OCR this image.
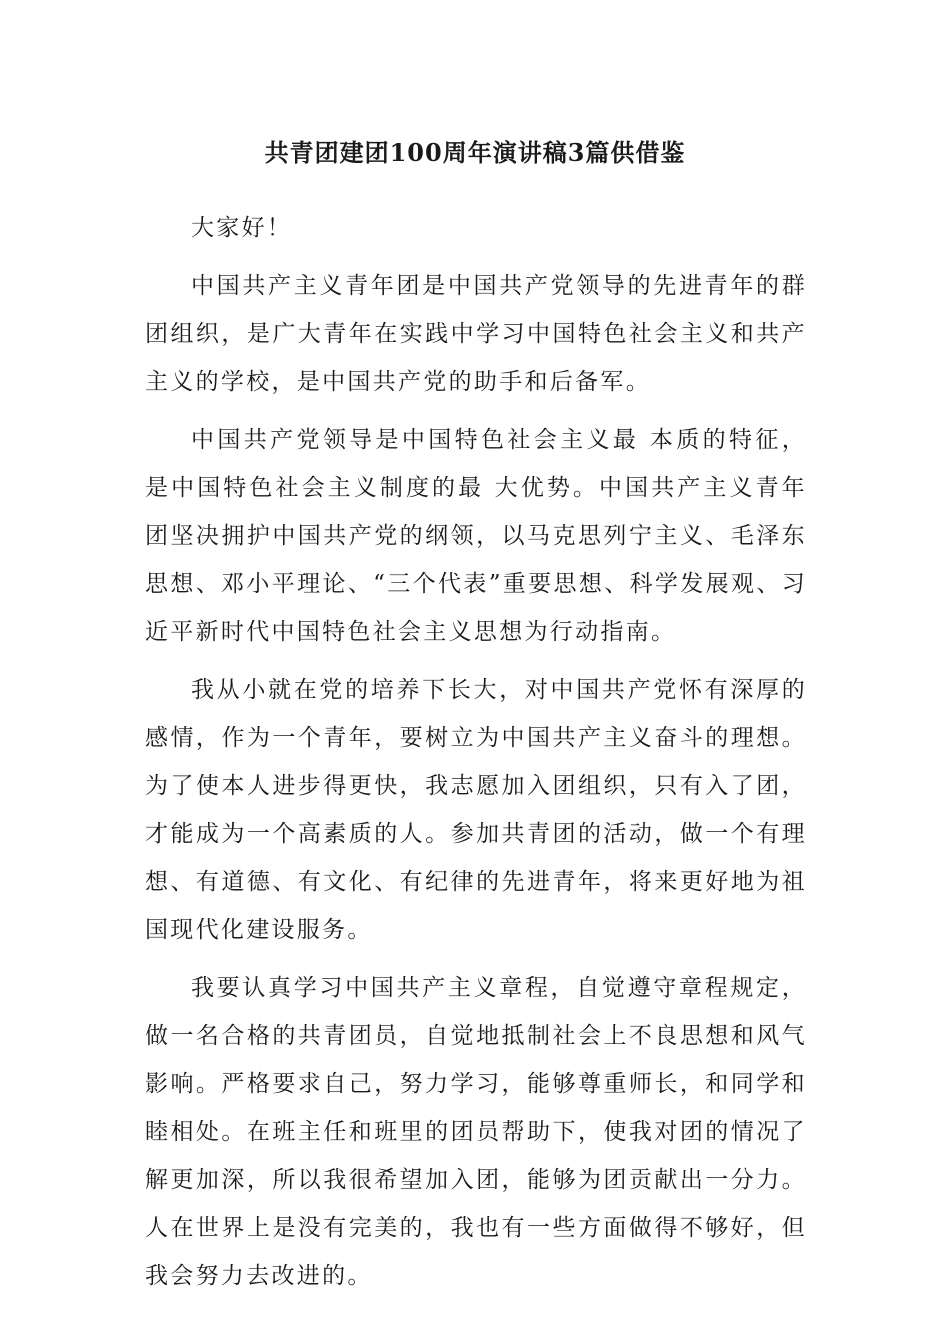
共青团建团100周年演讲稿3篇供借鉴

大家好！

中国共产主义青年团是中国共产党领导的先进青年的群团组织，是广大青年在实践中学习中国特色社会主义和共产主义的学校，是中国共产党的助手和后备军。

中国共产党领导是中国特色社会主义最 本质的特征，是中国特色社会主义制度的最 大优势。中国共产主义青年团坚决拥护中国共产党的纲领，以马克思列宁主义、毛泽东思想、邓小平理论、“三个代表”重要思想、科学发展观、习近平新时代中国特色社会主义思想为行动指南。

我从小就在党的培养下长大，对中国共产党怀有深厚的感情，作为一个青年，要树立为中国共产主义奋斗的理想。为了使本人进步得更快，我志愿加入团组织，只有入了团，才能成为一个高素质的人。参加共青团的活动，做一个有理想、有道德、有文化、有纪律的先进青年，将来更好地为祖国现代化建设服务。

我要认真学习中国共产主义章程，自觉遵守章程规定，做一名合格的共青团员，自觉地抵制社会上不良思想和风气影响。严格要求自己，努力学习，能够尊重师长，和同学和睦相处。在班主任和班里的团员帮助下，使我对团的情况了解更加深，所以我很希望加入团，能够为团贡献出一分力。人在世界上是没有完美的，我也有一些方面做得不够好，但我会努力去改进的。
